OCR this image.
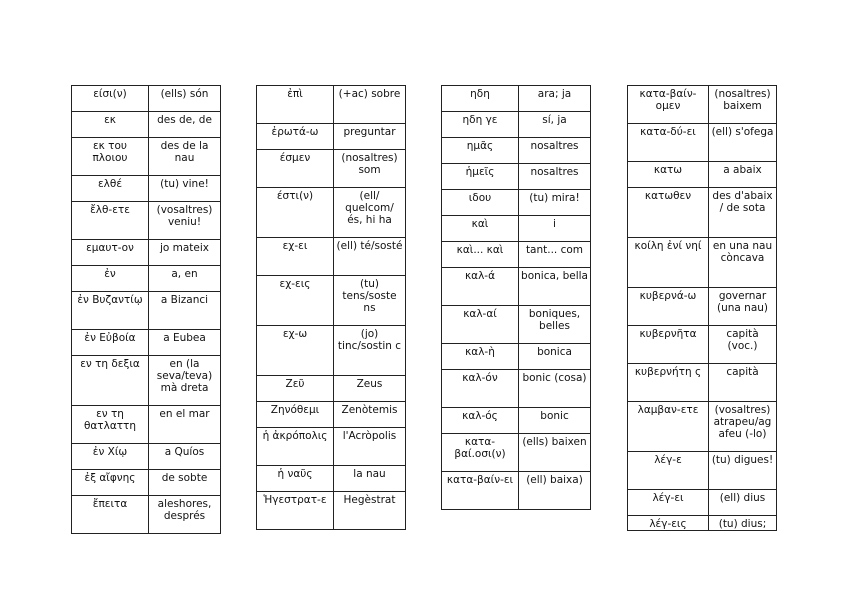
είσι(ν)	(ells) són
εκ	des de, de
εκ του πλοιου	des de la nau
ελθέ	(tu) vine!
ἔλθ-ετε	(vosaltres) veniu!
εμαυτ-ον	jo mateix
ἐν	a, en
ἐν Βυζαντίῳ	a Bizanci
ἐν Εὐβοία	a Eubea
εν τη δεξια	en (la seva/teva) mà dreta
εν τη θατλαττη	en el mar
ἐν Χίῳ	a Quíos
ἐξ αἴφνης	de sobte
ἔπειτα	aleshores, després
ἐπὶ	(+ac) sobre
ἐρωτά-ω	preguntar
έσμεν	(nosaltres) som
έστι(ν)	(ell/ quelcom/ és, hi ha
εχ-ει	(ell) té/sosté
εχ-εις	(tu) tens/soste ns
εχ-ω	(jo) tinc/sostin c
Ζεῦ	Zeus
Ζηνόθεμι	Zenòtemis
ἡ ἀκρόπολις	l'Acròpolis
ἡ ναῦς	la nau
Ἡγεστρατ-ε	Hegèstrat
ηδη	ara; ja
ηδη γε	sí, ja
ημᾶς	nosaltres
ἡμεῖς	nosaltres
ιδου	(tu) mira!
καὶ	i
καὶ... καὶ	tant... com
καλ-ά	bonica, bella
καλ-αί	boniques, belles
καλ-ὴ	bonica
καλ-όν	bonic (cosa)
καλ-ός	bonic
κατα-βαί.οσι(ν)	(ells) baixen
κατα-βαίν-ει	(ell) baixa)
κατα-βαίν-ομεν	(nosaltres) baixem
κατα-δύ-ει	(ell) s'ofega
κατω	a abaix
κατωθεν	des d'abaix / de sota
κοίλη ἐνί νηί	en una nau còncava
κυβερνά-ω	governar (una nau)
κυβερνῆτα	capità (voc.)
κυβερνήτη ς	capità
λαμβαν-ετε	(vosaltres) atrapeu/ag afeu (-lo)
λέγ-ε	(tu) digues!
λέγ-ει	(ell) dius
λέγ-εις	(tu) dius;
